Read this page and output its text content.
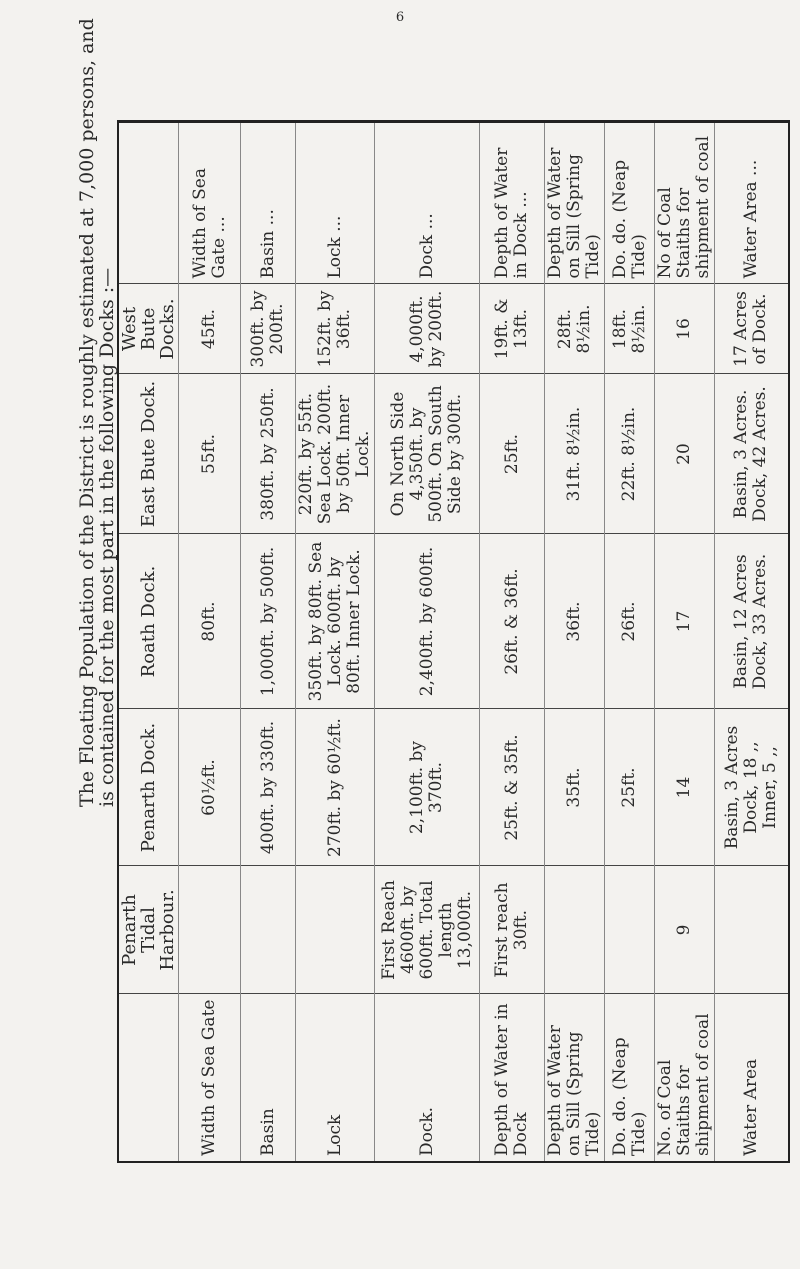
6
The Floating Population of the District is roughly estimated at 7,000 persons, and is contained for the most part in the following Docks :—
	Penarth Tidal Harbour.	Penarth Dock.	Roath Dock.	East Bute Dock.	West Bute Docks.	
Width of Sea Gate		60½ft.	80ft.	55ft.	45ft.	Width of Sea Gate ...
Basin		400ft. by 330ft.	1,000ft. by 500ft.	380ft. by 250ft.	300ft. by 200ft.	Basin ...
Lock		270ft. by 60½ft.	350ft. by 80ft. Sea Lock. 600ft. by 80ft. Inner Lock.	220ft. by 55ft. Sea Lock. 200ft. by 50ft. Inner Lock.	152ft. by 36ft.	Lock ...
Dock.	First Reach 4600ft. by 600ft. Total length 13,000ft.	2,100ft. by 370ft.	2,400ft. by 600ft.	On North Side 4,350ft. by 500ft. On South Side by 300ft.	4,000ft. by 200ft.	Dock ...
Depth of Water in Dock	First reach 30ft.	25ft. & 35ft.	26ft. & 36ft.	25ft.	19ft. & 13ft.	Depth of Water in Dock ...
Depth of Water on Sill (Spring Tide)		35ft.	36ft.	31ft. 8½in.	28ft. 8½in.	Depth of Water on Sill (Spring Tide)
Do. do. (Neap Tide)		25ft.	26ft.	22ft. 8½in.	18ft. 8½in.	Do. do. (Neap Tide)
No. of Coal Staiths for shipment of coal	9	14	17	20	16	No of Coal Staiths for shipment of coal
Water Area		Basin, 3 Acres Dock, 18 ,, Inner, 5 ,,	Basin, 12 Acres Dock, 33 Acres.	Basin, 3 Acres. Dock, 42 Acres.	17 Acres of Dock.	Water Area ...
